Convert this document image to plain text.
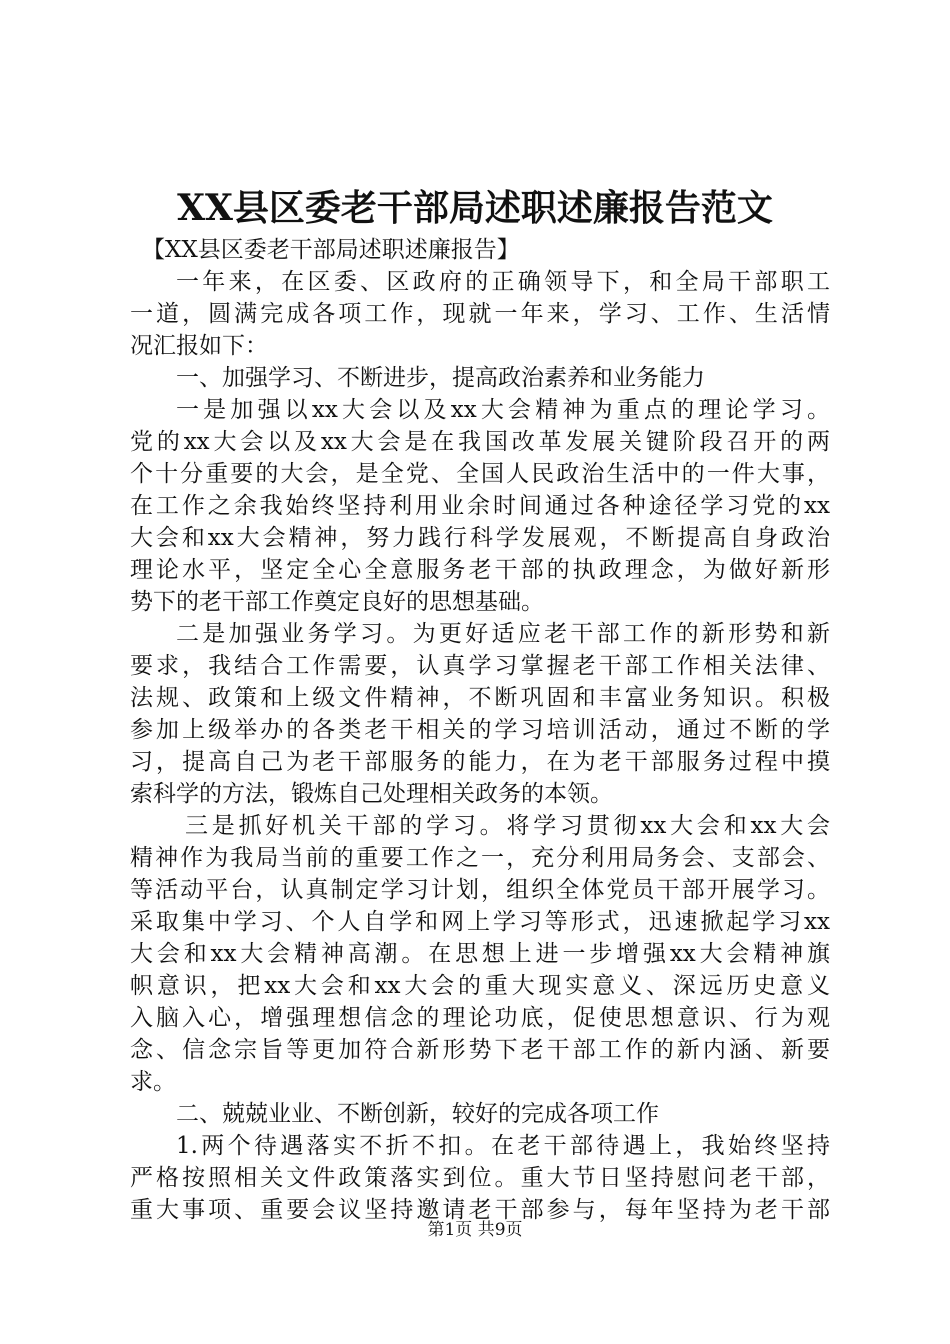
XX县区委老干部局述职述廉报告范文
【XX县区委老干部局述职述廉报告】
一年来，在区委、区政府的正确领导下，和全局干部职工
一道，圆满完成各项工作，现就一年来，学习、工作、生活情
况汇报如下：
一、加强学习、不断进步，提高政治素养和业务能力
一是加强以xx大会以及xx大会精神为重点的理论学习。
党的xx大会以及xx大会是在我国改革发展关键阶段召开的两
个十分重要的大会，是全党、全国人民政治生活中的一件大事，
在工作之余我始终坚持利用业余时间通过各种途径学习党的xx
大会和xx大会精神，努力践行科学发展观，不断提高自身政治
理论水平，坚定全心全意服务老干部的执政理念，为做好新形
势下的老干部工作奠定良好的思想基础。
二是加强业务学习。为更好适应老干部工作的新形势和新
要求，我结合工作需要，认真学习掌握老干部工作相关法律、
法规、政策和上级文件精神，不断巩固和丰富业务知识。积极
参加上级举办的各类老干相关的学习培训活动，通过不断的学
习，提高自己为老干部服务的能力，在为老干部服务过程中摸
索科学的方法，锻炼自己处理相关政务的本领。
三是抓好机关干部的学习。将学习贯彻xx大会和xx大会
精神作为我局当前的重要工作之一，充分利用局务会、支部会、
等活动平台，认真制定学习计划，组织全体党员干部开展学习。
采取集中学习、个人自学和网上学习等形式，迅速掀起学习xx
大会和xx大会精神高潮。在思想上进一步增强xx大会精神旗
帜意识，把xx大会和xx大会的重大现实意义、深远历史意义
入脑入心，增强理想信念的理论功底，促使思想意识、行为观
念、信念宗旨等更加符合新形势下老干部工作的新内涵、新要
求。
二、兢兢业业、不断创新，较好的完成各项工作
1.两个待遇落实不折不扣。在老干部待遇上，我始终坚持
严格按照相关文件政策落实到位。重大节日坚持慰问老干部，
重大事项、重要会议坚持邀请老干部参与，每年坚持为老干部
第1页 共9页
